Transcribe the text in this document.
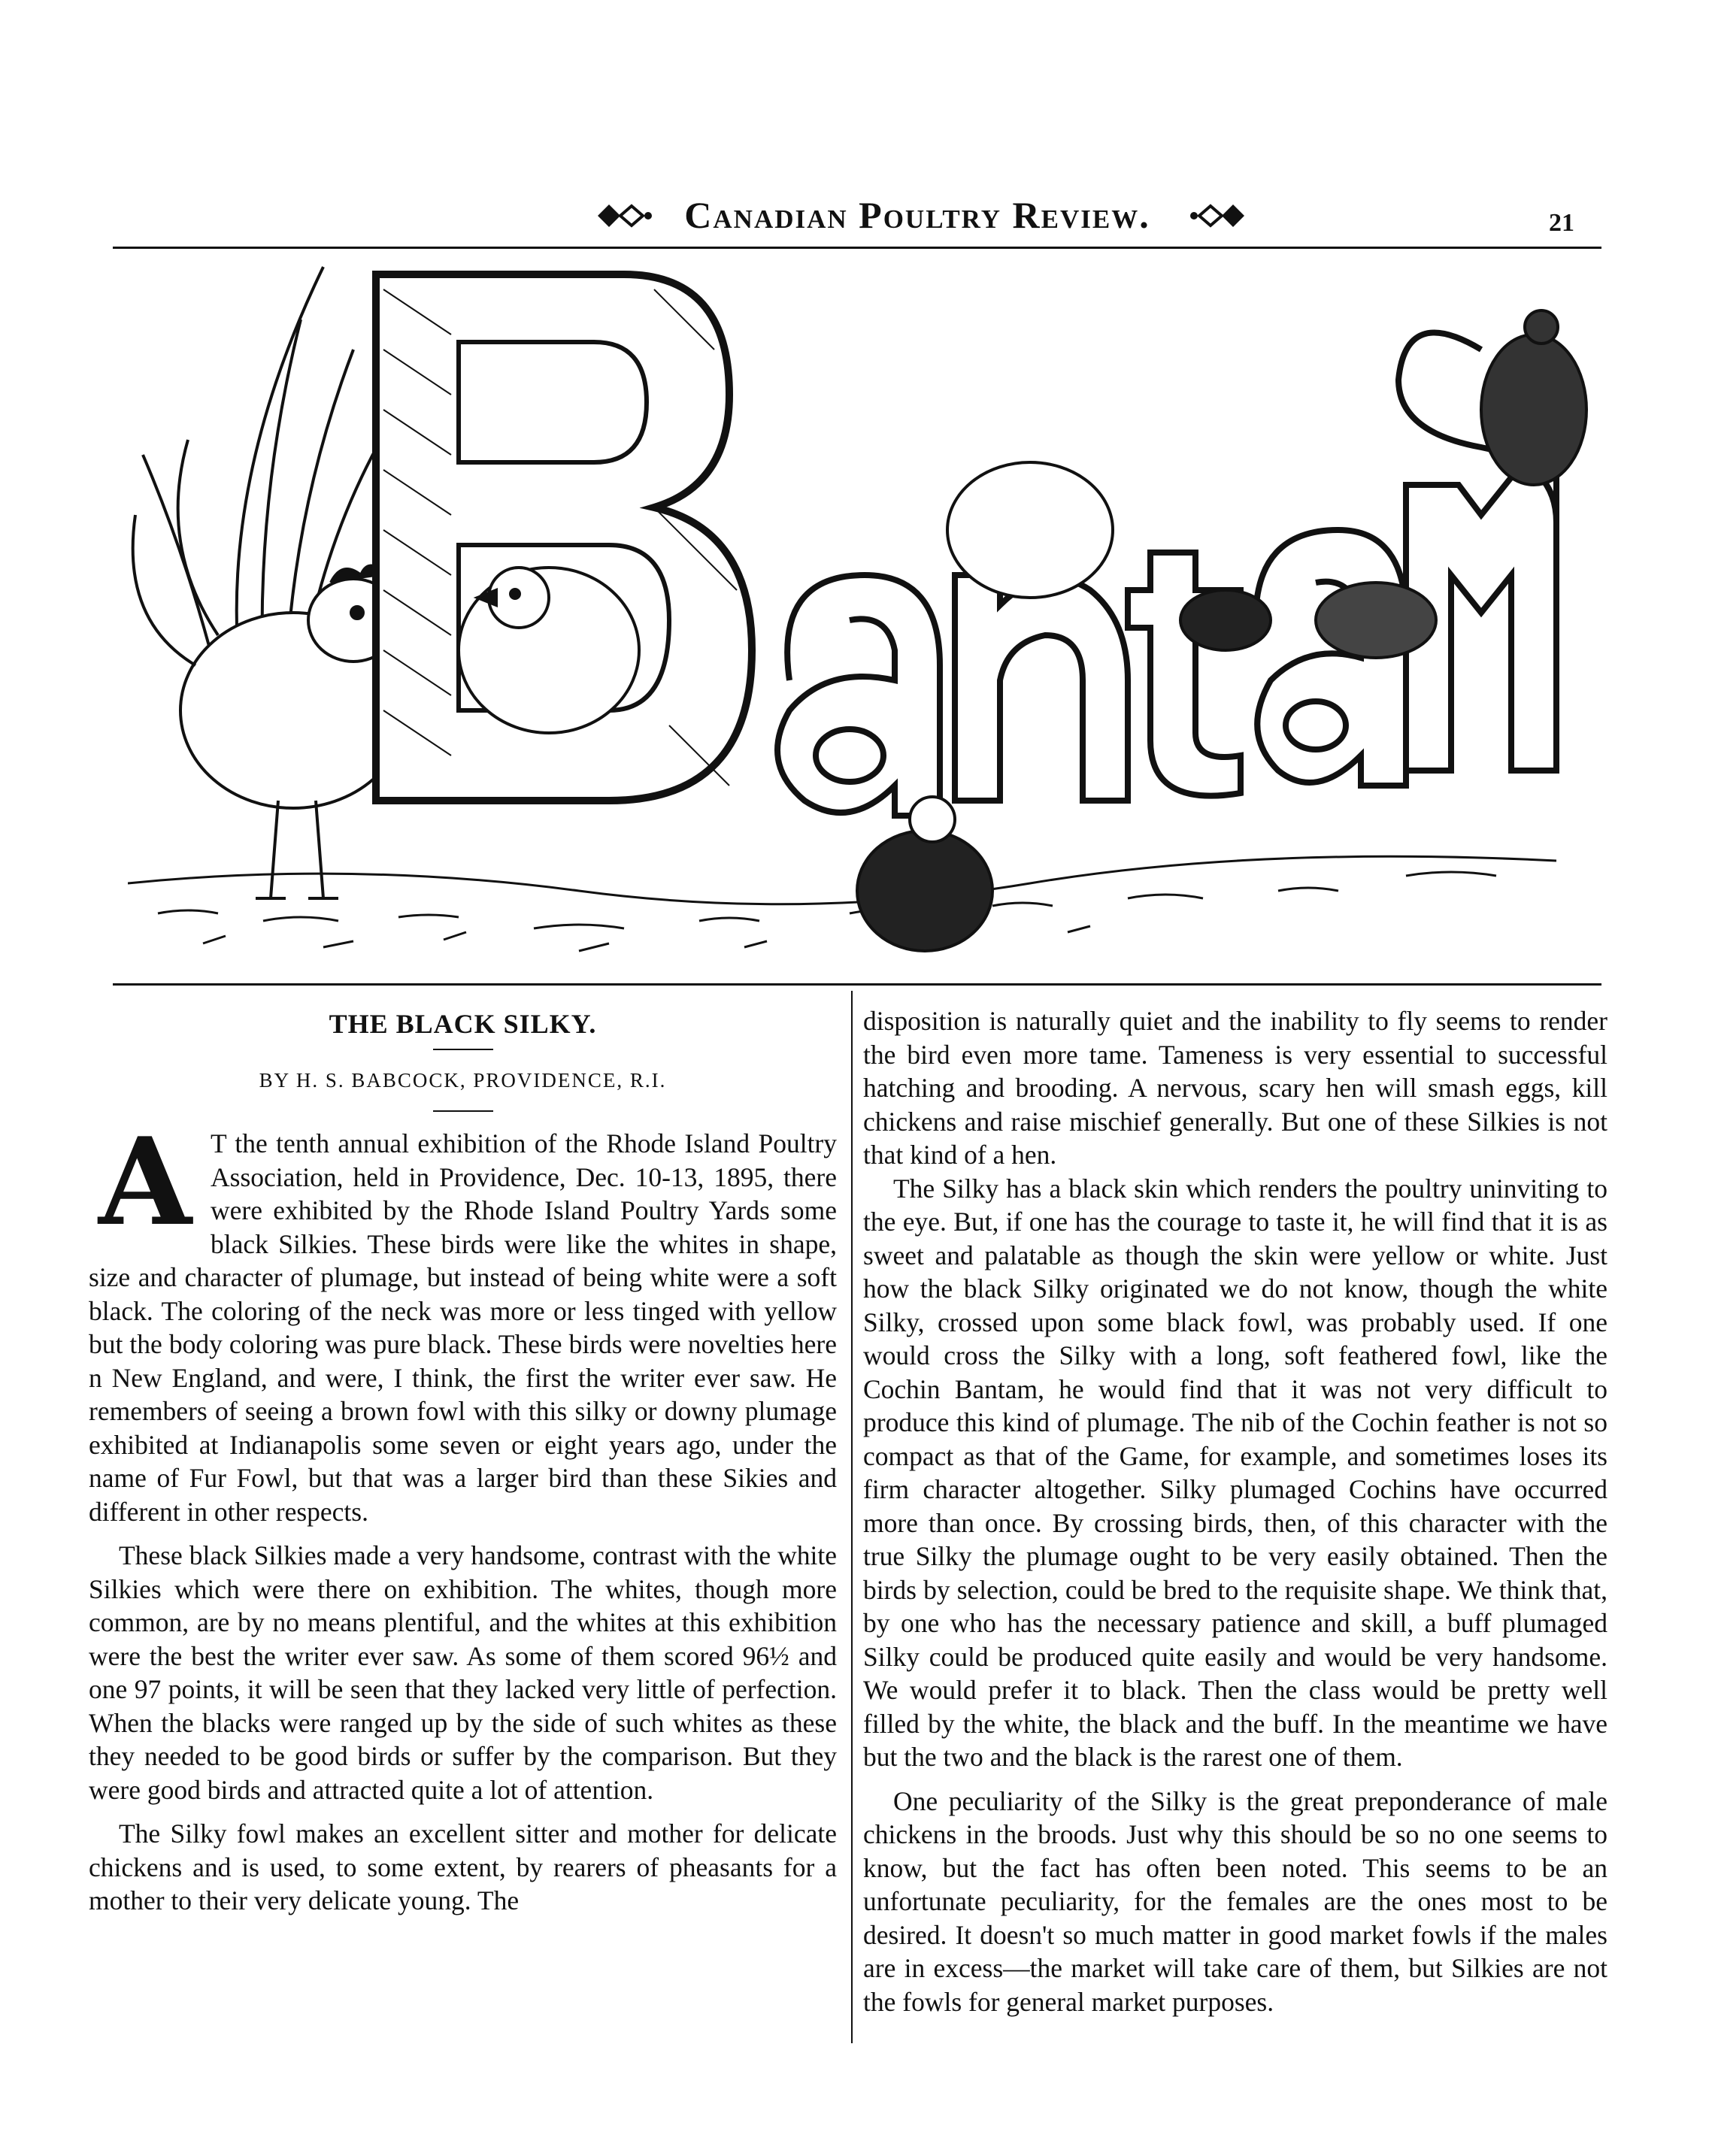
Canadian Poultry Review.	21
THE BLACK SILKY.
BY H. S. BABCOCK, PROVIDENCE, R.I.

A T the tenth annual exhibition of the Rhode Island Poultry Association, held in Providence, Dec. 10-13, 1895, there were exhibited by the Rhode Island Poultry Yards some black Silkies. These birds were like the whites in shape, size and character of plumage, but instead of being white were a soft black. The coloring of the neck was more or less tinged with yellow but the body coloring was pure black. These birds were novelties here n New England, and were, I think, the first the writer ever saw. He remembers of seeing a brown fowl with this silky or downy plumage exhibited at Indianapolis some seven or eight years ago, under the name of Fur Fowl, but that was a larger bird than these Sikies and different in other respects.

These black Silkies made a very handsome, contrast with the white Silkies which were there on exhibition. The whites, though more common, are by no means plentiful, and the whites at this exhibition were the best the writer ever saw. As some of them scored 96½ and one 97 points, it will be seen that they lacked very little of perfection. When the blacks were ranged up by the side of such whites as these they needed to be good birds or suffer by the comparison. But they were good birds and attracted quite a lot of attention.

The Silky fowl makes an excellent sitter and mother for delicate chickens and is used, to some extent, by rearers of pheasants for a mother to their very delicate young. The

disposition is naturally quiet and the inability to fly seems to render the bird even more tame. Tameness is very essential to successful hatching and brooding. A nervous, scary hen will smash eggs, kill chickens and raise mischief generally. But one of these Silkies is not that kind of a hen.

The Silky has a black skin which renders the poultry uninviting to the eye. But, if one has the courage to taste it, he will find that it is as sweet and palatable as though the skin were yellow or white. Just how the black Silky originated we do not know, though the white Silky, crossed upon some black fowl, was probably used. If one would cross the Silky with a long, soft feathered fowl, like the Cochin Bantam, he would find that it was not very difficult to produce this kind of plumage. The nib of the Cochin feather is not so compact as that of the Game, for example, and sometimes loses its firm character altogether. Silky plumaged Cochins have occurred more than once. By crossing birds, then, of this character with the true Silky the plumage ought to be very easily obtained. Then the birds by selection, could be bred to the requisite shape. We think that, by one who has the necessary patience and skill, a buff plumaged Silky could be produced quite easily and would be very handsome. We would prefer it to black. Then the class would be pretty well filled by the white, the black and the buff. In the meantime we have but the two and the black is the rarest one of them.

One peculiarity of the Silky is the great preponderance of male chickens in the broods. Just why this should be so no one seems to know, but the fact has often been noted. This seems to be an unfortunate peculiarity, for the females are the ones most to be desired. It doesn't so much matter in good market fowls if the males are in excess—the market will take care of them, but Silkies are not the fowls for general market purposes.
